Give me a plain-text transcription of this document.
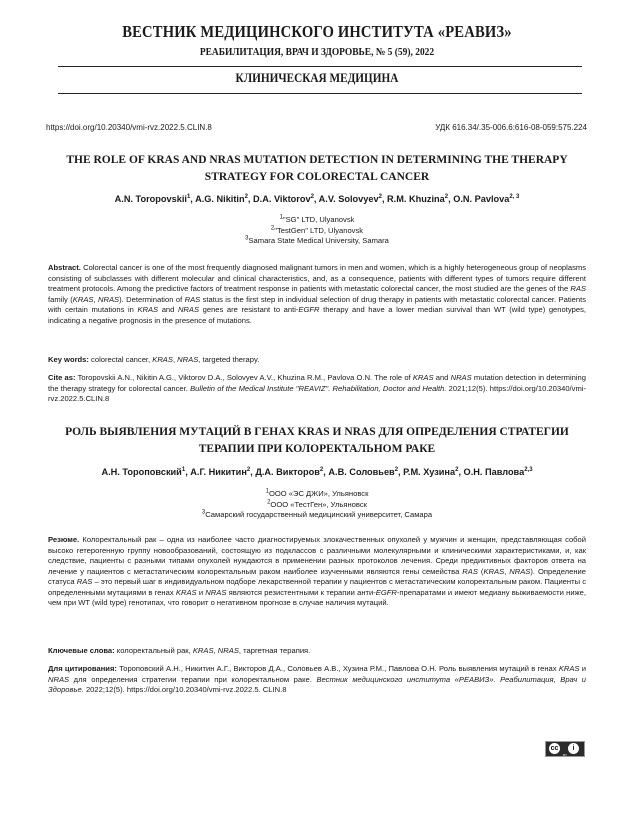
ВЕСТНИК МЕДИЦИНСКОГО ИНСТИТУТА «РЕАВИЗ»
РЕАБИЛИТАЦИЯ, ВРАЧ И ЗДОРОВЬЕ, № 5 (59), 2022
КЛИНИЧЕСКАЯ МЕДИЦИНА
https://doi.org/10.20340/vmi-rvz.2022.5.CLIN.8	УДК 616.34/.35-006.6:616-08-059:575.224
THE ROLE OF KRAS AND NRAS MUTATION DETECTION IN DETERMINING THE THERAPY STRATEGY FOR COLORECTAL CANCER
A.N. Toropovskii$^1$, A.G. Nikitin$^2$, D.A. Viktorov$^2$, A.V. Solovyev$^2$, R.M. Khuzina$^2$, O.N. Pavlova$^{2, 3}$
$^1$"SG" LTD, Ulyanovsk
$^2$"TestGen" LTD, Ulyanovsk
$^3$Samara State Medical University, Samara
Abstract. Colorectal cancer is one of the most frequently diagnosed malignant tumors in men and women, which is a highly heterogeneous group of neoplasms consisting of subclasses with different molecular and clinical characteristics, and, as a consequence, patients with different types of tumors require different treatment protocols. Among the predictive factors of treatment response in patients with metastatic colorectal cancer, the most studied are the genes of the RAS family (KRAS, NRAS). Determination of RAS status is the first step in individual selection of drug therapy in patients with metastatic colorectal cancer. Patients with certain mutations in KRAS and NRAS genes are resistant to anti-EGFR therapy and have a lower median survival than WT (wild type) genotypes, indicating a negative prognosis in the presence of mutations.
Key words: colorectal cancer, KRAS, NRAS, targeted therapy.
Cite as: Toropovskii A.N., Nikitin A.G., Viktorov D.A., Solovyev A.V., Khuzina R.M., Pavlova O.N. The role of KRAS and NRAS mutation detection in determining the therapy strategy for colorectal cancer. Bulletin of the Medical Institute "REAVIZ". Rehabilitation, Doctor and Health. 2021;12(5). https://doi.org/10.20340/vmi-rvz.2022.5.CLIN.8
РОЛЬ ВЫЯВЛЕНИЯ МУТАЦИЙ В ГЕНАХ KRAS И NRAS ДЛЯ ОПРЕДЕЛЕНИЯ СТРАТЕГИИ ТЕРАПИИ ПРИ КОЛОРЕКТАЛЬНОМ РАКЕ
А.Н. Тороповский$^1$, А.Г. Никитин$^2$, Д.А. Викторов$^2$, А.В. Соловьев$^2$, Р.М. Хузина$^2$, О.Н. Павлова$^{2,3}$
$^1$ООО «ЭС ДЖИ», Ульяновск
$^2$ООО «ТестГен», Ульяновск
$^3$Самарский государственный медицинский университет, Самара
Резюме. Колоректальный рак – одна из наиболее часто диагностируемых злокачественных опухолей у мужчин и женщин, представляющая собой высоко гетерогенную группу новообразований, состоящую из подклассов с различными молекулярными и клиническими характеристиками, и, как следствие, пациенты с разными типами опухолей нуждаются в применении разных протоколов лечения. Среди предиктивных факторов ответа на лечение у пациентов с метастатическим колоректальным раком наиболее изученными являются гены семейства RAS (KRAS, NRAS). Определение статуса RAS – это первый шаг в индивидуальном подборе лекарственной терапии у пациентов с метастатическим колоректальным раком. Пациенты с определенными мутациями в генах KRAS и NRAS являются резистентными к терапии анти-EGFR-препаратами и имеют медиану выживаемости ниже, чем при WT (wild type) генотипах, что говорит о негативном прогнозе в случае наличия мутаций.
Ключевые слова: колоректальный рак, KRAS, NRAS, таргетная терапия.
Для цитирования: Тороповский А.Н., Никитин А.Г., Викторов Д.А., Соловьев А.В., Хузина Р.М., Павлова О.Н. Роль выявления мутаций в генах KRAS и NRAS для определения стратегии терапии при колоректальном раке. Вестник медицинского института «РЕАВИЗ». Реабилитация, Врач и Здоровье. 2022;12(5). https://doi.org/10.20340/vmi-rvz.2022.5. CLIN.8
cc	i
BY
